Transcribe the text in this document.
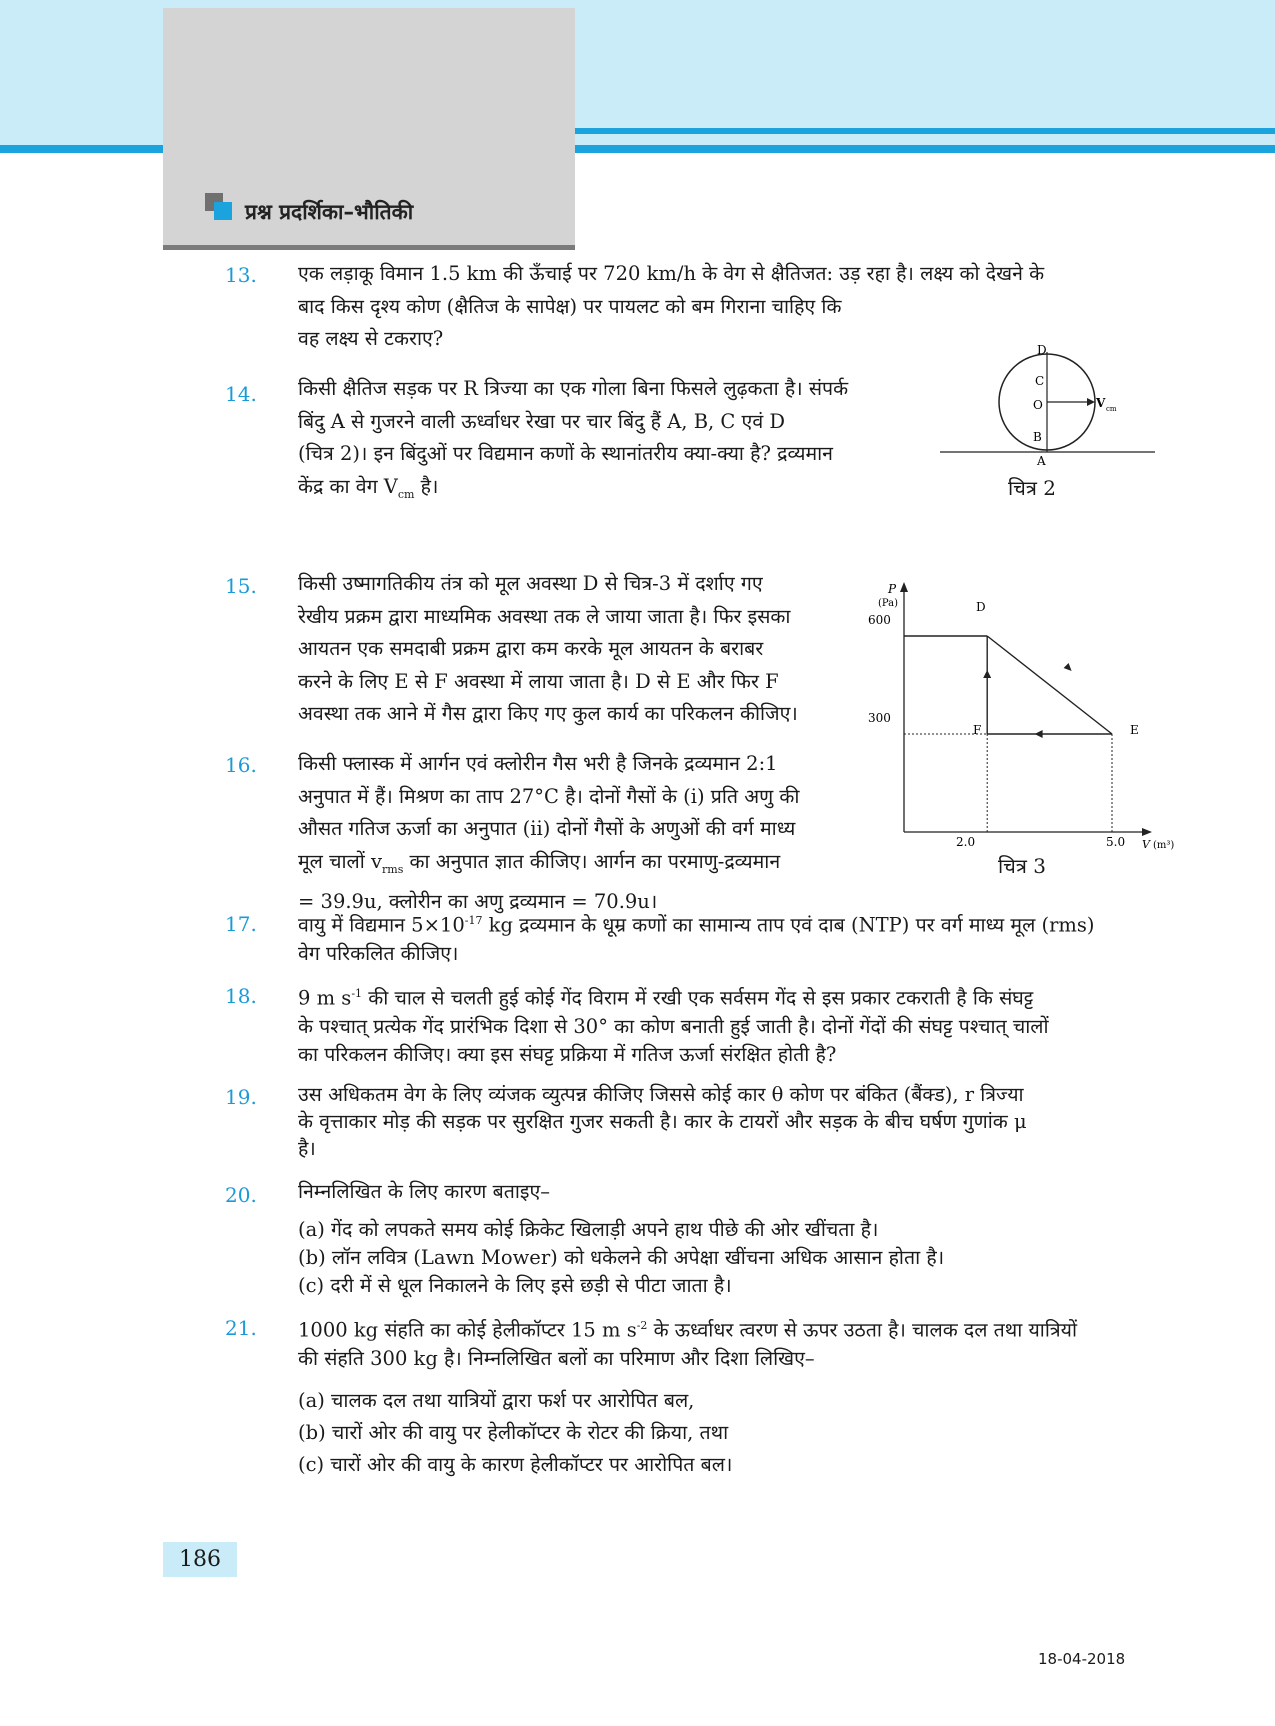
प्रश्न प्रदर्शिका–भौतिकी
13. एक लड़ाकू विमान 1.5 km की ऊँचाई पर 720 km/h के वेग से क्षैतिजत: उड़ रहा है। लक्ष्य को देखने के

बाद किस दृश्य कोण (क्षैतिज के सापेक्ष) पर पायलट को बम गिराना चाहिए कि

वह लक्ष्य से टकराए?

14. किसी क्षैतिज सड़क पर R त्रिज्या का एक गोला बिना फिसले लुढ़कता है। संपर्क

बिंदु A से गुजरने वाली ऊर्ध्वाधर रेखा पर चार बिंदु हैं A, B, C एवं D

(चित्र 2)। इन बिंदुओं पर विद्यमान कणों के स्थानांतरीय क्या-क्या है? द्रव्यमान

केंद्र का वेग $V_{cm}$ है।

D
C
O
B
A
V cm
चित्र 2
15. किसी उष्मागतिकीय तंत्र को मूल अवस्था D से चित्र-3 में दर्शाए गए

रेखीय प्रक्रम द्वारा माध्यमिक अवस्था तक ले जाया जाता है। फिर इसका

आयतन एक समदाबी प्रक्रम द्वारा कम करके मूल आयतन के बराबर

करने के लिए E से F अवस्था में लाया जाता है। D से E और फिर F

अवस्था तक आने में गैस द्वारा किए गए कुल कार्य का परिकलन कीजिए।

P
(Pa)
V (m³)
600
300
2.0	5.0
D
E
F
चित्र 3
16. किसी फ्लास्क में आर्गन एवं क्लोरीन गैस भरी है जिनके द्रव्यमान 2:1

अनुपात में हैं। मिश्रण का ताप 27°C है। दोनों गैसों के (i) प्रति अणु की

औसत गतिज ऊर्जा का अनुपात (ii) दोनों गैसों के अणुओं की वर्ग माध्य

मूल चालों $v_{rms}$ का अनुपात ज्ञात कीजिए। आर्गन का परमाणु-द्रव्यमान

= 39.9u, क्लोरीन का अणु द्रव्यमान = 70.9u।

17. वायु में विद्यमान $5\times 10^{-17}$ kg द्रव्यमान के धूम्र कणों का सामान्य ताप एवं दाब (NTP) पर वर्ग माध्य मूल (rms)

वेग परिकलित कीजिए।

18. 9 m $s^{-1}$ की चाल से चलती हुई कोई गेंद विराम में रखी एक सर्वसम गेंद से इस प्रकार टकराती है कि संघट्ट

के पश्चात् प्रत्येक गेंद प्रारंभिक दिशा से 30° का कोण बनाती हुई जाती है। दोनों गेंदों की संघट्ट पश्चात् चालों

का परिकलन कीजिए। क्या इस संघट्ट प्रक्रिया में गतिज ऊर्जा संरक्षित होती है?

19. उस अधिकतम वेग के लिए व्यंजक व्युत्पन्न कीजिए जिससे कोई कार θ कोण पर बंकित (बैंक्ड), r त्रिज्या

के वृत्ताकार मोड़ की सड़क पर सुरक्षित गुजर सकती है। कार के टायरों और सड़क के बीच घर्षण गुणांक μ

है।

20. निम्नलिखित के लिए कारण बताइए–

(a) गेंद को लपकते समय कोई क्रिकेट खिलाड़ी अपने हाथ पीछे की ओर खींचता है।

(b) लॉन लवित्र (Lawn Mower) को धकेलने की अपेक्षा खींचना अधिक आसान होता है।

(c) दरी में से धूल निकालने के लिए इसे छड़ी से पीटा जाता है।

21. 1000 kg संहति का कोई हेलीकॉप्टर 15 m $s^{-2}$ के ऊर्ध्वाधर त्वरण से ऊपर उठता है। चालक दल तथा यात्रियों

की संहति 300 kg है। निम्नलिखित बलों का परिमाण और दिशा लिखिए–

(a) चालक दल तथा यात्रियों द्वारा फर्श पर आरोपित बल,

(b) चारों ओर की वायु पर हेलीकॉप्टर के रोटर की क्रिया, तथा

(c) चारों ओर की वायु के कारण हेलीकॉप्टर पर आरोपित बल।

186
18-04-2018
